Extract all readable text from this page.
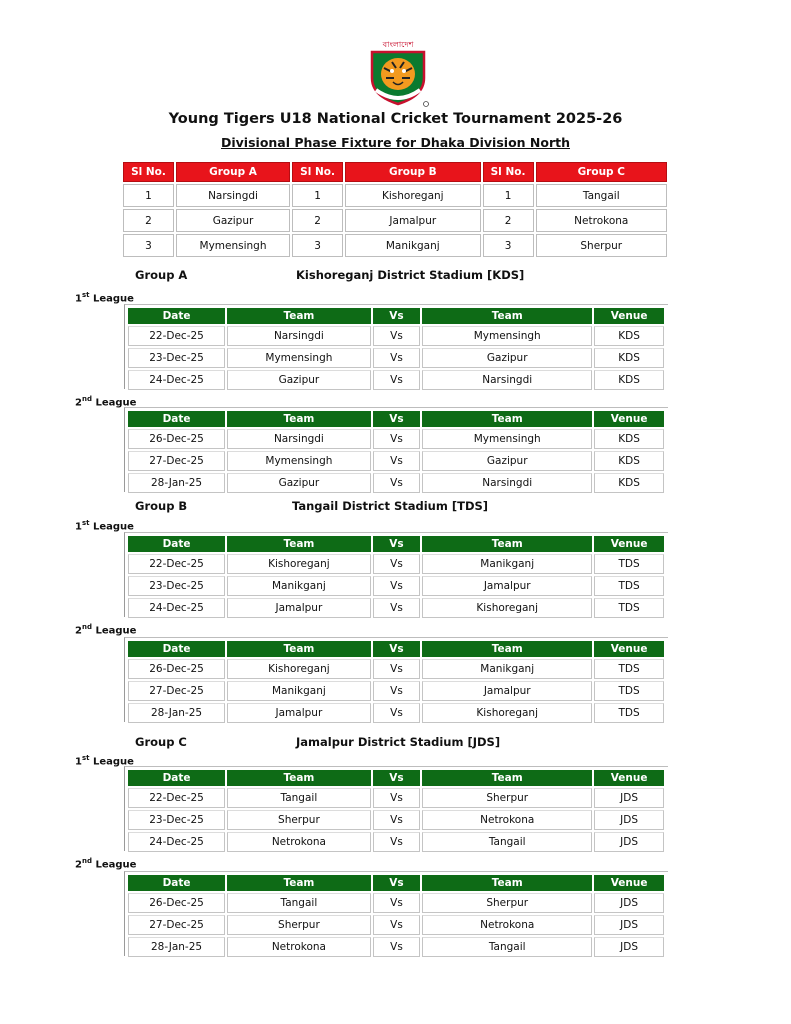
বাংলাদেশ
Young Tigers U18 National Cricket Tournament 2025-26
Divisional Phase Fixture for Dhaka Division North
Sl No.	Group A	Sl No.	Group B	Sl No.	Group C
1	Narsingdi	1	Kishoreganj	1	Tangail
2	Gazipur	2	Jamalpur	2	Netrokona
3	Mymensingh	3	Manikganj	3	Sherpur
Group A	Kishoreganj District Stadium [KDS]
1st League
Date	Team	Vs	Team	Venue
22-Dec-25	Narsingdi	Vs	Mymensingh	KDS
23-Dec-25	Mymensingh	Vs	Gazipur	KDS
24-Dec-25	Gazipur	Vs	Narsingdi	KDS
2nd League
Date	Team	Vs	Team	Venue
26-Dec-25	Narsingdi	Vs	Mymensingh	KDS
27-Dec-25	Mymensingh	Vs	Gazipur	KDS
28-Jan-25	Gazipur	Vs	Narsingdi	KDS
Group B	Tangail District Stadium [TDS]
1st League
Date	Team	Vs	Team	Venue
22-Dec-25	Kishoreganj	Vs	Manikganj	TDS
23-Dec-25	Manikganj	Vs	Jamalpur	TDS
24-Dec-25	Jamalpur	Vs	Kishoreganj	TDS
2nd League
Date	Team	Vs	Team	Venue
26-Dec-25	Kishoreganj	Vs	Manikganj	TDS
27-Dec-25	Manikganj	Vs	Jamalpur	TDS
28-Jan-25	Jamalpur	Vs	Kishoreganj	TDS
Group C	Jamalpur District Stadium [JDS]
1st League
Date	Team	Vs	Team	Venue
22-Dec-25	Tangail	Vs	Sherpur	JDS
23-Dec-25	Sherpur	Vs	Netrokona	JDS
24-Dec-25	Netrokona	Vs	Tangail	JDS
2nd League
Date	Team	Vs	Team	Venue
26-Dec-25	Tangail	Vs	Sherpur	JDS
27-Dec-25	Sherpur	Vs	Netrokona	JDS
28-Jan-25	Netrokona	Vs	Tangail	JDS
